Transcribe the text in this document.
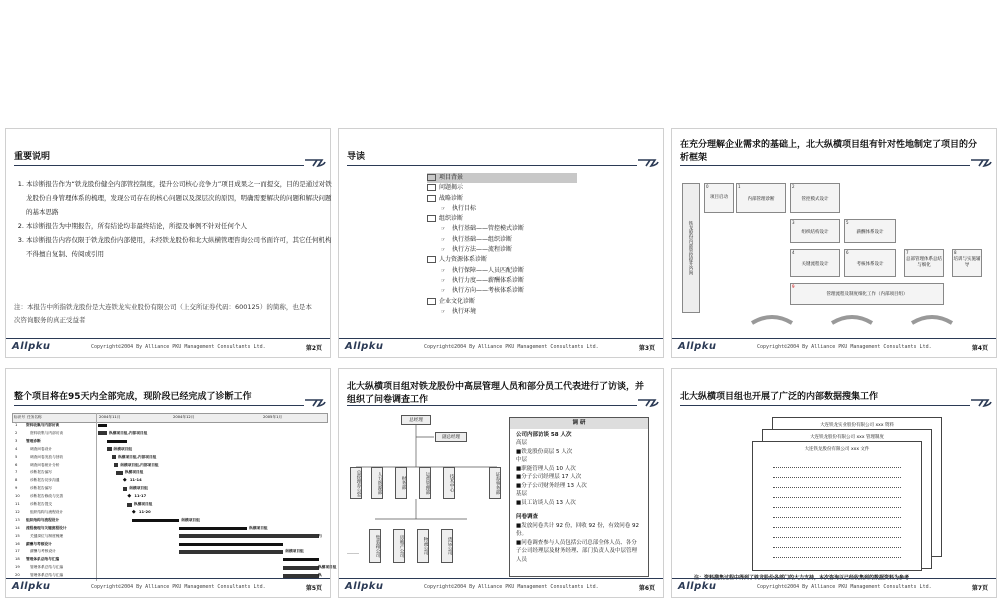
重要说明
1. 本诊断报告作为“铁龙股份健全内部管控制度，提升公司核心竞争力”项目成果之一而提交，目的是通过对铁龙股份自身管理体系的梳理，发现公司存在的核心问题以及深层次的原因，明确需要解决的问题和解决问题的基本思路
2. 本诊断报告为中期报告，所有结论均非最终结论，所提及事例不针对任何个人
3. 本诊断报告内容仅限于铁龙股份内部使用，未经铁龙股份和北大纵横管理咨询公司书面许可，其它任何机构不得擅自复制、传阅或引用
注：本报告中所指铁龙股份是大连铁龙实业股份有限公司（上交所证券代码：600125）的简称，也是本次咨询服务的真正受益者
Allpku	Copyright©2004 By Alliance PKU Management Consultants Ltd.	第2页
导读
项目背景
问题揭示
战略诊断
☞ 执行目标
组织诊断
☞ 执行基础——管控模式诊断
☞ 执行基础——组织诊断
☞ 执行方法——流程诊断
人力资源体系诊断
☞ 执行保障——人员匹配诊断
☞ 执行力度——薪酬体系诊断
☞ 执行方向——考核体系诊断
企业文化诊断
☞ 执行环境
Allpku	Copyright©2004 By Alliance PKU Management Consultants Ltd.	第3页
在充分理解企业需求的基础上，北大纵横项目组有针对性地制定了项目的分析框架
铁龙股份内部管控提升咨询
0
项目启动
1
内部管理诊断
2
管控模式设计
3
组织结构设计
5
薪酬体系设计
4
关键流程设计
6
考核体系设计
7
总部管理体系总结与细化
8
培训与实施辅导
9
管理流程及制度细化工作（内部项目组）
Allpku	Copyright©2004 By Alliance PKU Management Consultants Ltd.	第4页
整个项目将在95天内全部完成，现阶段已经完成了诊断工作
标识号 任务名称	2004年11月	2004年12月	2005年1月
1 资料收集与内部访谈
2	资料收集与内部访谈	纵横项目组,内部项目组
3 管理诊断
4	调查问卷设计	纵横项目组
5	调查问卷发放与回收	纵横项目组,内部项目组
6	调查问卷统计分析	纵横项目组,内部项目组
7	诊断报告编写	纵横项目组
8	诊断报告初步沟通	◆ 11-14
9	诊断报告编写	纵横项目组
10	诊断报告修改与完善	◆ 11-17
11	诊断报告提交	纵横项目组
12	组织结构与流程设计	◆ 11-20
13 组织结构与流程设计	纵横项目组
14 流程梳理与关键流程设计	纵横项目组
15	关键岗位与制度梳理	内
16 薪酬与考核设计
17	薪酬与考核设计	纵横项目组
18 管理体系总结与汇编
19	管理体系总结与汇编	纵横项目组
20	管理体系总结与汇编	纵
Allpku	Copyright©2004 By Alliance PKU Management Consultants Ltd.	第5页
北大纵横项目组对铁龙股份中高层管理人员和部分员工代表进行了访谈，并组织了问卷调查工作
总经理
副总经理
总经理办公室	人力资源部	财务部	运营管理部	技术中心	证券事务部
集装箱公司	房地产公司	物流公司	货运公司
……
调 研
公司内部访谈 58 人次
高层
■铁龙股份高层 5 人次
中层
■职能管理人员 10 人次
■分子公司经理层 17 人次
■分子公司财务经理 13 人次
基层
■员工访谈人员 13 人次
问卷调查
■发放问卷共计 92 份，回收 92 份，有效问卷 92 份。
■问卷调查参与人员包括公司总部全体人员、各分子公司经理层及财务经理、部门负责人及中层管理人员
Allpku	Copyright©2004 By Alliance PKU Management Consultants Ltd.	第6页
北大纵横项目组也开展了广泛的内部数据搜集工作
大连铁龙实业股份有限公司 xxx 资料
大连铁龙股份有限公司 xxx 管理制度
大连铁龙股份有限公司 xxx 文件
注：资料搜集过程中得到了铁龙股份各部门的大力支持，本次咨询以已经收集到的数据资料为参考
Allpku	Copyright©2004 By Alliance PKU Management Consultants Ltd.	第7页
